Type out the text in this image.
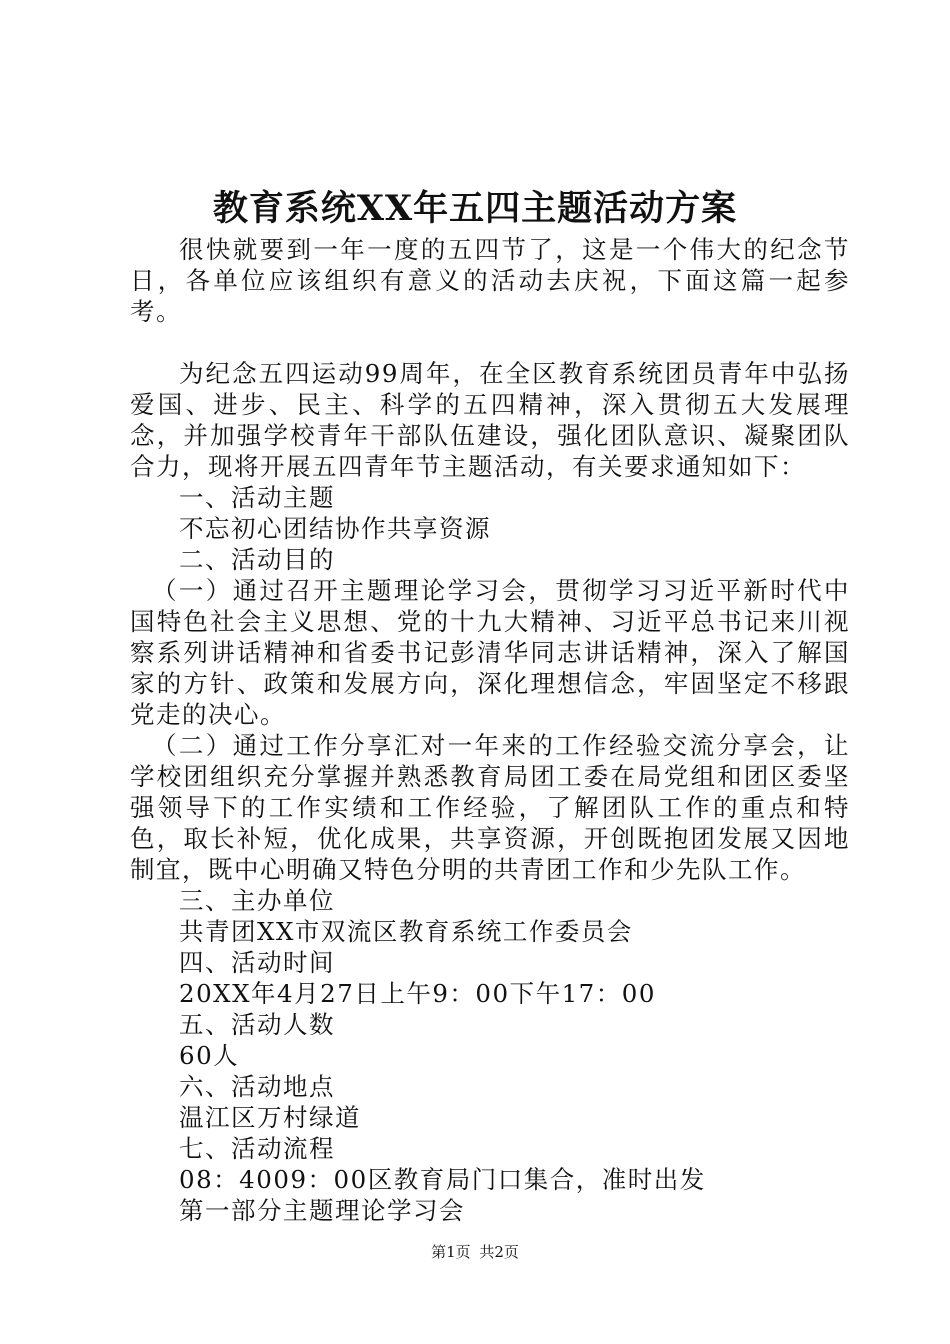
教育系统XX年五四主题活动方案

很快就要到一年一度的五四节了，这是一个伟大的纪念节日，各单位应该组织有意义的活动去庆祝，下面这篇一起参考。

为纪念五四运动99周年，在全区教育系统团员青年中弘扬爱国、进步、民主、科学的五四精神，深入贯彻五大发展理念，并加强学校青年干部队伍建设，强化团队意识、凝聚团队合力，现将开展五四青年节主题活动，有关要求通知如下：

一、活动主题

不忘初心团结协作共享资源

二、活动目的

（一）通过召开主题理论学习会，贯彻学习习近平新时代中国特色社会主义思想、党的十九大精神、习近平总书记来川视察系列讲话精神和省委书记彭清华同志讲话精神，深入了解国家的方针、政策和发展方向，深化理想信念，牢固坚定不移跟党走的决心。

（二）通过工作分享汇对一年来的工作经验交流分享会，让学校团组织充分掌握并熟悉教育局团工委在局党组和团区委坚强领导下的工作实绩和工作经验，了解团队工作的重点和特色，取长补短，优化成果，共享资源，开创既抱团发展又因地制宜，既中心明确又特色分明的共青团工作和少先队工作。

三、主办单位

共青团XX市双流区教育系统工作委员会

四、活动时间

20XX年4月27日上午9：00下午17：00

五、活动人数

60人

六、活动地点

温江区万村绿道

七、活动流程

08：4009：00区教育局门口集合，准时出发

第一部分主题理论学习会

第1页 共2页
